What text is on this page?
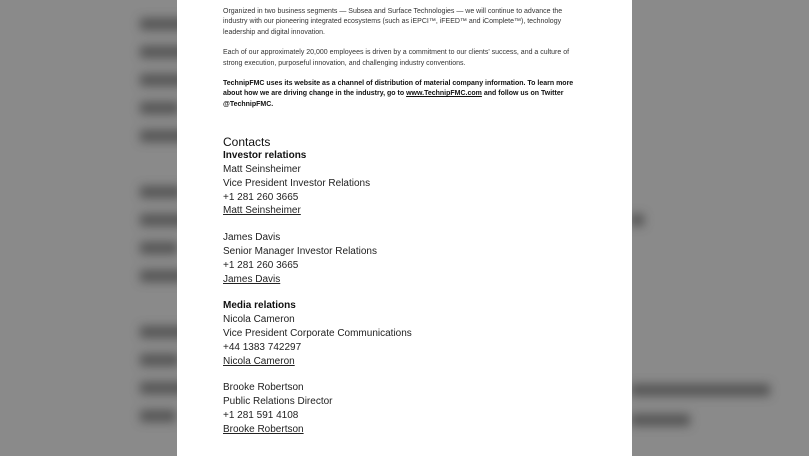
Organized in two business segments — Subsea and Surface Technologies — we will continue to advance the industry with our pioneering integrated ecosystems (such as iEPCI™, iFEED™ and iComplete™), technology leadership and digital innovation.

Each of our approximately 20,000 employees is driven by a commitment to our clients' success, and a culture of strong execution, purposeful innovation, and challenging industry conventions.

TechnipFMC uses its website as a channel of distribution of material company information. To learn more about how we are driving change in the industry, go to www.TechnipFMC.com and follow us on Twitter @TechnipFMC.

Contacts

Investor relations

Matt Seinsheimer

Vice President Investor Relations

+1 281 260 3665

Matt Seinsheimer

James Davis

Senior Manager Investor Relations

+1 281 260 3665

James Davis

Media relations

Nicola Cameron

Vice President Corporate Communications

+44 1383 742297

Nicola Cameron

Brooke Robertson

Public Relations Director

+1 281 591 4108

Brooke Robertson
